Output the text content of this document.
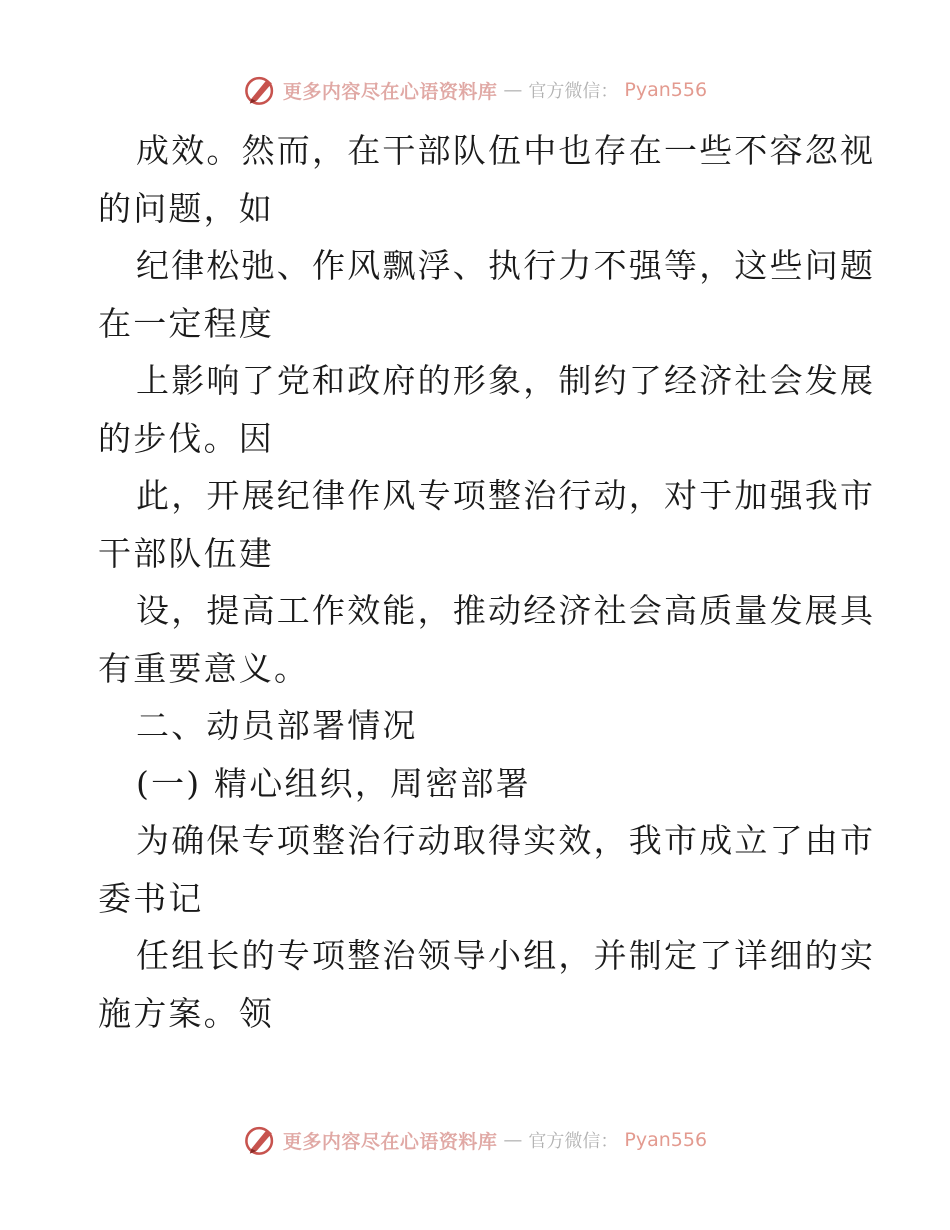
更多内容尽在心语资料库 — 官方微信： Pyan556
成效。然而，在干部队伍中也存在一些不容忽视
的问题，如
纪律松弛、作风飘浮、执行力不强等，这些问题
在一定程度
上影响了党和政府的形象，制约了经济社会发展
的步伐。因
此，开展纪律作风专项整治行动，对于加强我市
干部队伍建
设，提高工作效能，推动经济社会高质量发展具
有重要意义。
二、动员部署情况
(一) 精心组织，周密部署
为确保专项整治行动取得实效，我市成立了由市
委书记
任组长的专项整治领导小组，并制定了详细的实
施方案。领
更多内容尽在心语资料库 — 官方微信： Pyan556
